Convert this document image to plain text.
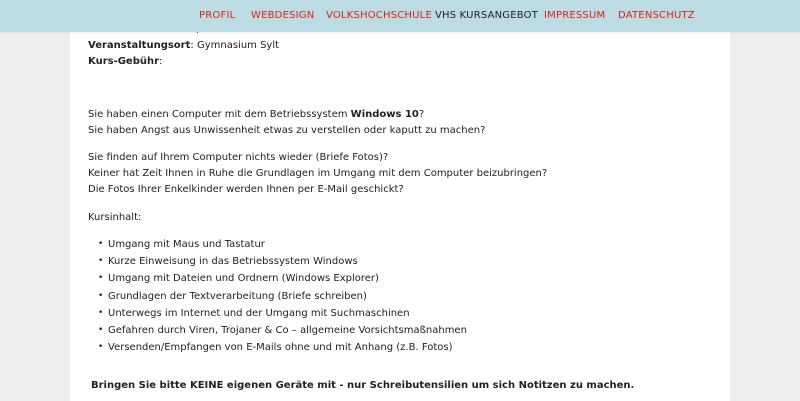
Veranstaltungsort: Gymnasium Sylt
Kurs-Gebühr:

Sie haben einen Computer mit dem Betriebssystem Windows 10?
Sie haben Angst aus Unwissenheit etwas zu verstellen oder kaputt zu machen?

Sie finden auf Ihrem Computer nichts wieder (Briefe Fotos)?
Keiner hat Zeit Ihnen in Ruhe die Grundlagen im Umgang mit dem Computer beizubringen?
Die Fotos Ihrer Enkelkinder werden Ihnen per E-Mail geschickt?

Kursinhalt:

• Umgang mit Maus und Tastatur
• Kurze Einweisung in das Betriebssystem Windows
• Umgang mit Dateien und Ordnern (Windows Explorer)
• Grundlagen der Textverarbeitung (Briefe schreiben)
• Unterwegs im Internet und der Umgang mit Suchmaschinen
• Gefahren durch Viren, Trojaner & Co – allgemeine Vorsichtsmaßnahmen
• Versenden/Empfangen von E-Mails ohne und mit Anhang (z.B. Fotos)
Bringen Sie bitte KEINE eigenen Geräte mit - nur Schreibutensilien um sich Notitzen zu machen.
PROFIL WEBDESIGN VOLKSHOCHSCHULE VHS KURSANGEBOT IMPRESSUM DATENSCHUTZ
